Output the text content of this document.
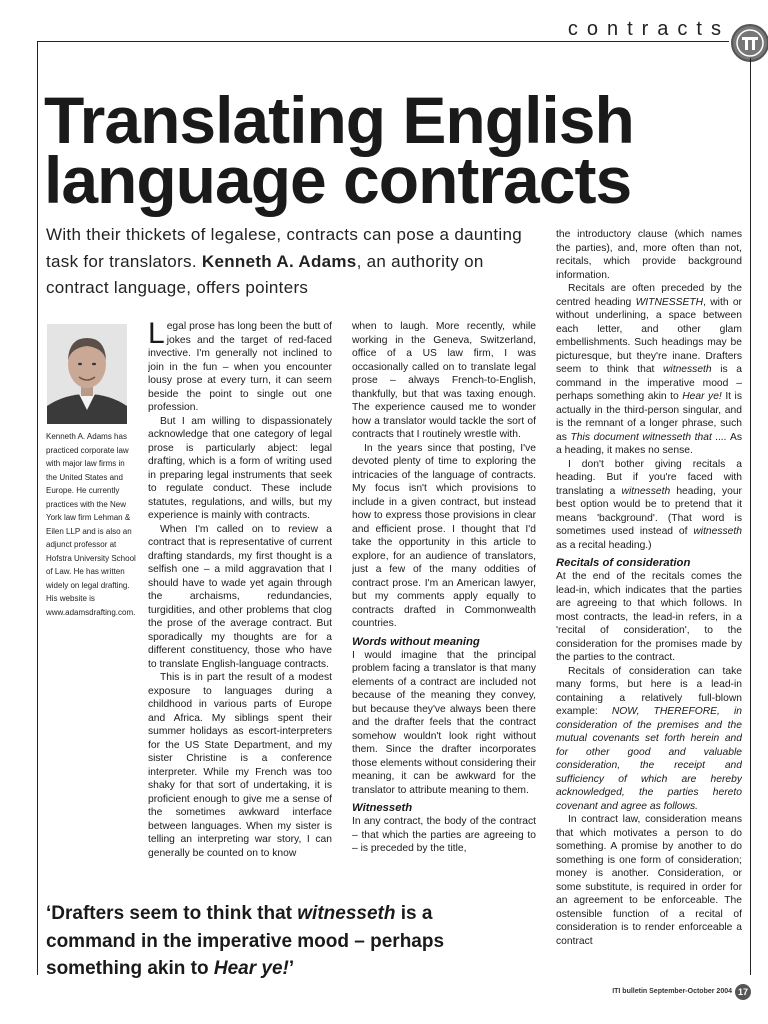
contracts
Translating English language contracts

With their thickets of legalese, contracts can pose a daunting task for translators. Kenneth A. Adams, an authority on contract language, offers pointers

Kenneth A. Adams has practiced corporate law with major law firms in the United States and Europe. He currently practices with the New York law firm Lehman & Eilen LLP and is also an adjunct professor at Hofstra University School of Law. He has written widely on legal drafting. His website is www.adamsdrafting.com.

Legal prose has long been the butt of jokes and the target of red-faced invective. I'm generally not inclined to join in the fun – when you encounter lousy prose at every turn, it can seem beside the point to single out one profession.

But I am willing to dispassionately acknowledge that one category of legal prose is particularly abject: legal drafting, which is a form of writing used in preparing legal instruments that seek to regulate conduct. These include statutes, regulations, and wills, but my experience is mainly with contracts.

When I'm called on to review a contract that is representative of current drafting standards, my first thought is a selfish one – a mild aggravation that I should have to wade yet again through the archaisms, redundancies, turgidities, and other problems that clog the prose of the average contract. But sporadically my thoughts are for a different constituency, those who have to translate English-language contracts.

This is in part the result of a modest exposure to languages during a childhood in various parts of Europe and Africa. My siblings spent their summer holidays as escort-interpreters for the US State Department, and my sister Christine is a conference interpreter. While my French was too shaky for that sort of undertaking, it is proficient enough to give me a sense of the sometimes awkward interface between languages. When my sister is telling an interpreting war story, I can generally be counted on to know

when to laugh. More recently, while working in the Geneva, Switzerland, office of a US law firm, I was occasionally called on to translate legal prose – always French-to-English, thankfully, but that was taxing enough. The experience caused me to wonder how a translator would tackle the sort of contracts that I routinely wrestle with.

In the years since that posting, I've devoted plenty of time to exploring the intricacies of the language of contracts. My focus isn't which provisions to include in a given contract, but instead how to express those provisions in clear and efficient prose. I thought that I'd take the opportunity in this article to explore, for an audience of translators, just a few of the many oddities of contract prose. I'm an American lawyer, but my comments apply equally to contracts drafted in Commonwealth countries.

Words without meaning

I would imagine that the principal problem facing a translator is that many elements of a contract are included not because of the meaning they convey, but because they've always been there and the drafter feels that the contract somehow wouldn't look right without them. Since the drafter incorporates those elements without considering their meaning, it can be awkward for the translator to attribute meaning to them.

Witnesseth

In any contract, the body of the contract – that which the parties are agreeing to – is preceded by the title,

the introductory clause (which names the parties), and, more often than not, recitals, which provide background information.

Recitals are often preceded by the centred heading WITNESSETH, with or without underlining, a space between each letter, and other glam embellishments. Such headings may be picturesque, but they're inane. Drafters seem to think that witnesseth is a command in the imperative mood – perhaps something akin to Hear ye! It is actually in the third-person singular, and is the remnant of a longer phrase, such as This document witnesseth that .... As a heading, it makes no sense.

I don't bother giving recitals a heading. But if you're faced with translating a witnesseth heading, your best option would be to pretend that it means 'background'. (That word is sometimes used instead of witnesseth as a recital heading.)

Recitals of consideration

At the end of the recitals comes the lead-in, which indicates that the parties are agreeing to that which follows. In most contracts, the lead-in refers, in a 'recital of consideration', to the consideration for the promises made by the parties to the contract.

Recitals of consideration can take many forms, but here is a lead-in containing a relatively full-blown example: NOW, THEREFORE, in consideration of the premises and the mutual covenants set forth herein and for other good and valuable consideration, the receipt and sufficiency of which are hereby acknowledged, the parties hereto covenant and agree as follows.

In contract law, consideration means that which motivates a person to do something. A promise by another to do something is one form of consideration; money is another. Consideration, or some substitute, is required in order for an agreement to be enforceable. The ostensible function of a recital of consideration is to render enforceable a contract

‘Drafters seem to think that witnesseth is a command in the imperative mood – perhaps something akin to Hear ye!’

ITI bulletin September-October 2004 17
